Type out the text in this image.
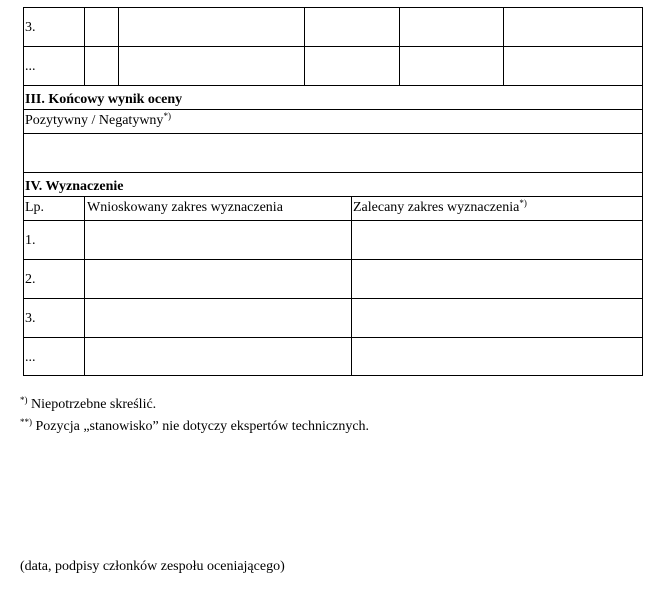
3.
...
III. Końcowy wynik oceny
Pozytywny / Negatywny*)
IV. Wyznaczenie
Lp.	Wnioskowany zakres wyznaczenia	Zalecany zakres wyznaczenia*)
1.
2.
3.
...
*) Niepotrzebne skreślić.
**) Pozycja „stanowisko” nie dotyczy ekspertów technicznych.
(data, podpisy członków zespołu oceniającego)
